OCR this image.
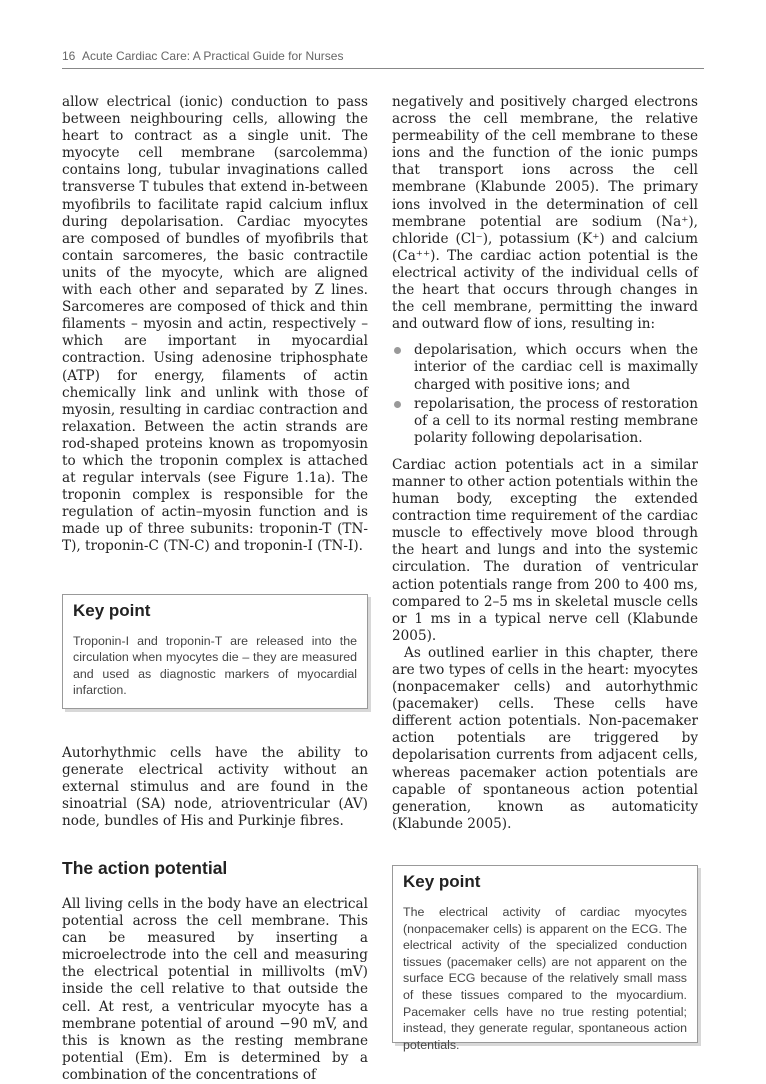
16 Acute Cardiac Care: A Practical Guide for Nurses

allow electrical (ionic) conduction to pass between neighbouring cells, allowing the heart to contract as a single unit. The myocyte cell membrane (sarcolemma) contains long, tubular invaginations called transverse T tubules that extend in-between myofibrils to facilitate rapid calcium influx during depolarisation. Cardiac myocytes are composed of bundles of myofibrils that contain sarcomeres, the basic contractile units of the myocyte, which are aligned with each other and separated by Z lines. Sarcomeres are composed of thick and thin filaments – myosin and actin, respectively – which are important in myocardial contraction. Using adenosine triphosphate (ATP) for energy, filaments of actin chemically link and unlink with those of myosin, resulting in cardiac contraction and relaxation. Between the actin strands are rod-shaped proteins known as tropomyosin to which the troponin complex is attached at regular intervals (see Figure 1.1a). The troponin complex is responsible for the regulation of actin–myosin function and is made up of three subunits: troponin-T (TN-T), troponin-C (TN-C) and troponin-I (TN-I).

Key point

Troponin-I and troponin-T are released into the circulation when myocytes die – they are measured and used as diagnostic markers of myocardial infarction.

Autorhythmic cells have the ability to generate electrical activity without an external stimulus and are found in the sinoatrial (SA) node, atrioventricular (AV) node, bundles of His and Purkinje fibres.

The action potential

All living cells in the body have an electrical potential across the cell membrane. This can be measured by inserting a microelectrode into the cell and measuring the electrical potential in millivolts (mV) inside the cell relative to that outside the cell. At rest, a ventricular myocyte has a membrane potential of around −90 mV, and this is known as the resting membrane potential (Em). Em is determined by a combination of the concentrations of

negatively and positively charged electrons across the cell membrane, the relative permeability of the cell membrane to these ions and the function of the ionic pumps that transport ions across the cell membrane (Klabunde 2005). The primary ions involved in the determination of cell membrane potential are sodium (Na⁺), chloride (Cl⁻), potassium (K⁺) and calcium (Ca⁺⁺). The cardiac action potential is the electrical activity of the individual cells of the heart that occurs through changes in the cell membrane, permitting the inward and outward flow of ions, resulting in:

depolarisation, which occurs when the interior of the cardiac cell is maximally charged with positive ions; and
repolarisation, the process of restoration of a cell to its normal resting membrane polarity following depolarisation.

Cardiac action potentials act in a similar manner to other action potentials within the human body, excepting the extended contraction time requirement of the cardiac muscle to effectively move blood through the heart and lungs and into the systemic circulation. The duration of ventricular action potentials range from 200 to 400 ms, compared to 2–5 ms in skeletal muscle cells or 1 ms in a typical nerve cell (Klabunde 2005).

As outlined earlier in this chapter, there are two types of cells in the heart: myocytes (nonpacemaker cells) and autorhythmic (pacemaker) cells. These cells have different action potentials. Non-pacemaker action potentials are triggered by depolarisation currents from adjacent cells, whereas pacemaker action potentials are capable of spontaneous action potential generation, known as automaticity (Klabunde 2005).

Key point

The electrical activity of cardiac myocytes (nonpacemaker cells) is apparent on the ECG. The electrical activity of the specialized conduction tissues (pacemaker cells) are not apparent on the surface ECG because of the relatively small mass of these tissues compared to the myocardium. Pacemaker cells have no true resting potential; instead, they generate regular, spontaneous action potentials.
